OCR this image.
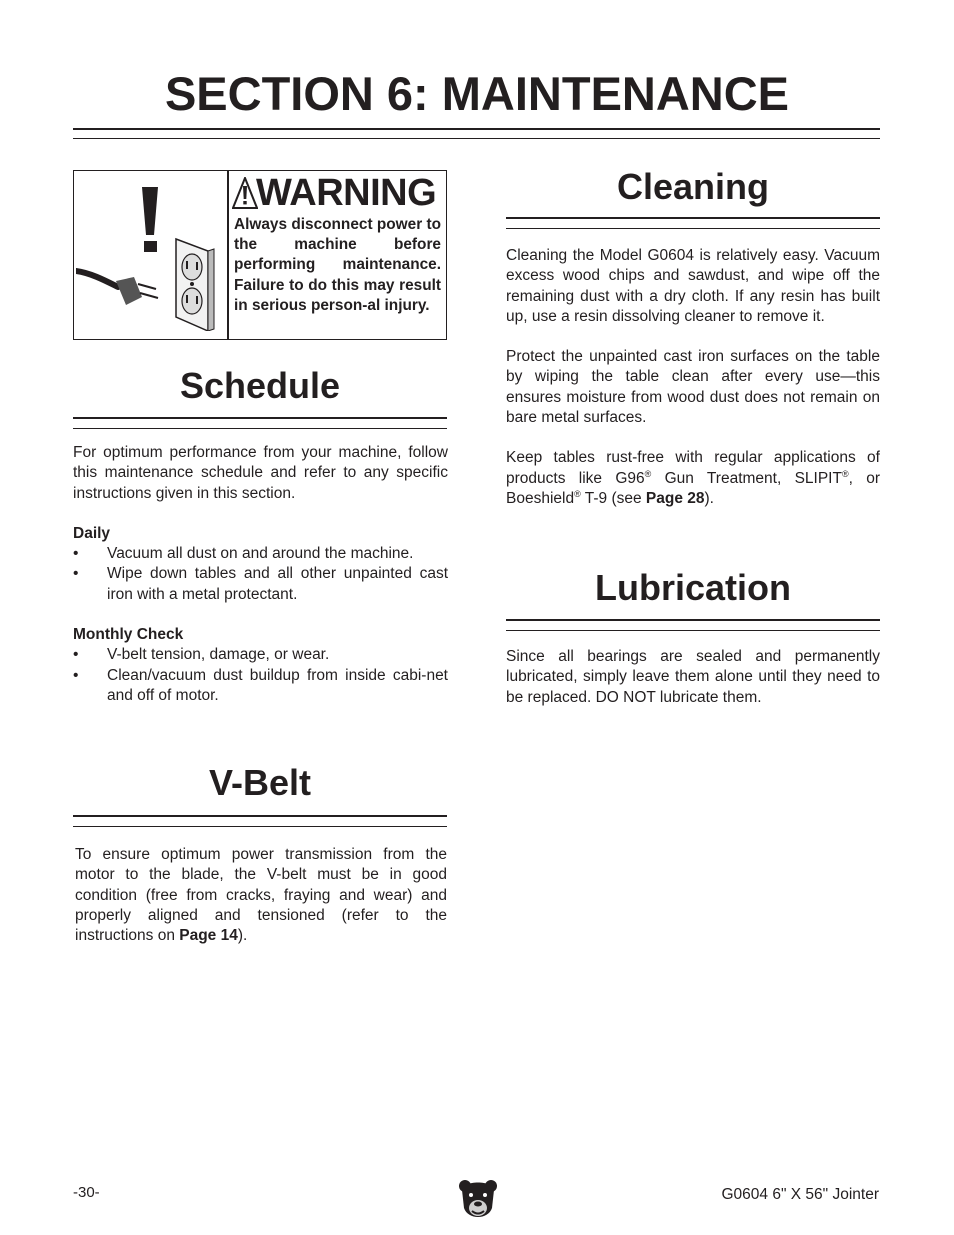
SECTION 6: MAINTENANCE
WARNING
Always disconnect power to the machine before performing maintenance. Failure to do this may result in serious person-al injury.
Schedule

For optimum performance from your machine, follow this maintenance schedule and refer to any specific instructions given in this section.

Daily

• Vacuum all dust on and around the machine.
• Wipe down tables and all other unpainted cast iron with a metal protectant.

Monthly Check

• V-belt tension, damage, or wear.
• Clean/vacuum dust buildup from inside cabi-net and off of motor.
V-Belt

To ensure optimum power transmission from the motor to the blade, the V-belt must be in good condition (free from cracks, fraying and wear) and properly aligned and tensioned (refer to the instructions on Page 14).

Cleaning

Cleaning the Model G0604 is relatively easy. Vacuum excess wood chips and sawdust, and wipe off the remaining dust with a dry cloth. If any resin has built up, use a resin dissolving cleaner to remove it.

Protect the unpainted cast iron surfaces on the table by wiping the table clean after every use—this ensures moisture from wood dust does not remain on bare metal surfaces.

Keep tables rust-free with regular applications of products like G96® Gun Treatment, SLIPIT®, or Boeshield® T-9 (see Page 28).

Lubrication
Since all bearings are sealed and permanently lubricated, simply leave them alone until they need to be replaced. DO NOT lubricate them.
-30-	G0604 6" X 56" Jointer
